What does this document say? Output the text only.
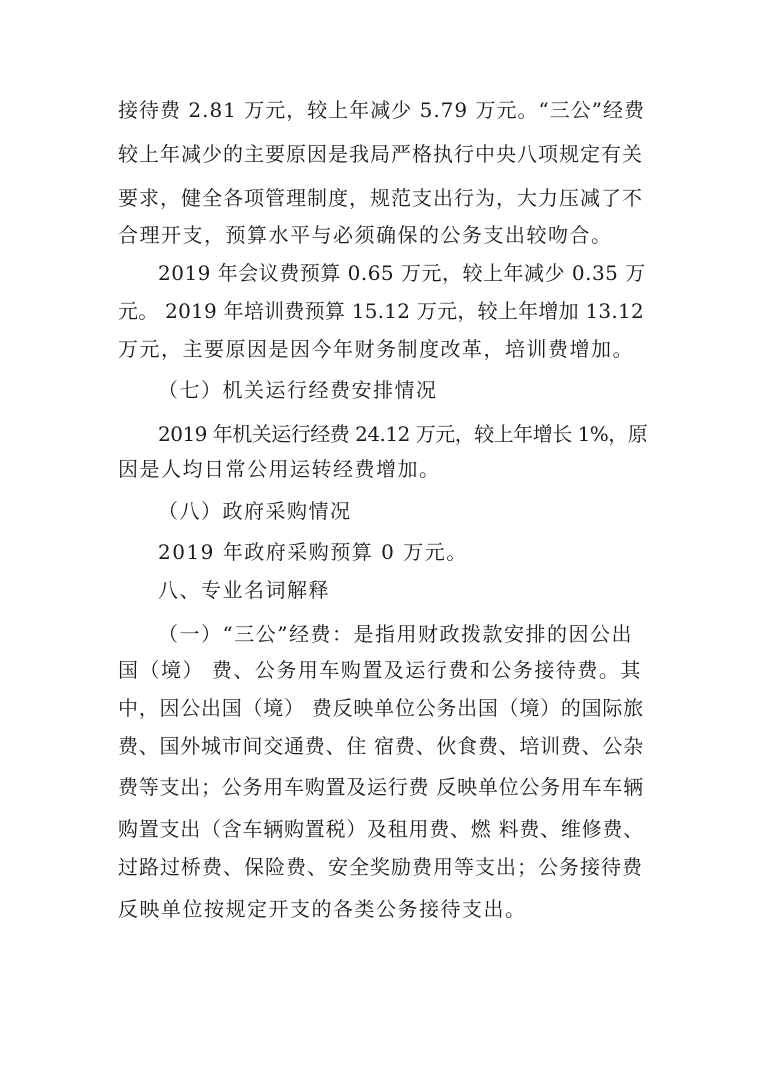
接待费 2.81 万元，较上年减少 5.79 万元。“三公”经费
较上年减少的主要原因是我局严格执行中央八项规定有关
要求，健全各项管理制度，规范支出行为，大力压减了不
合理开支，预算水平与必须确保的公务支出较吻合。
2019 年会议费预算 0.65 万元，较上年减少 0.35 万
元。 2019 年培训费预算 15.12 万元，较上年增加 13.12
万元，主要原因是因今年财务制度改革，培训费增加。
（七）机关运行经费安排情况
2019 年机关运行经费 24.12 万元，较上年增长 1%，原
因是人均日常公用运转经费增加。
（八）政府采购情况
2019 年政府采购预算 0 万元。
八、专业名词解释
（一）“三公”经费：是指用财政拨款安排的因公出
国（境） 费、公务用车购置及运行费和公务接待费。其
中，因公出国（境） 费反映单位公务出国（境）的国际旅
费、国外城市间交通费、住 宿费、伙食费、培训费、公杂
费等支出；公务用车购置及运行费 反映单位公务用车车辆
购置支出（含车辆购置税）及租用费、燃 料费、维修费、
过路过桥费、保险费、安全奖励费用等支出；公务接待费
反映单位按规定开支的各类公务接待支出。
